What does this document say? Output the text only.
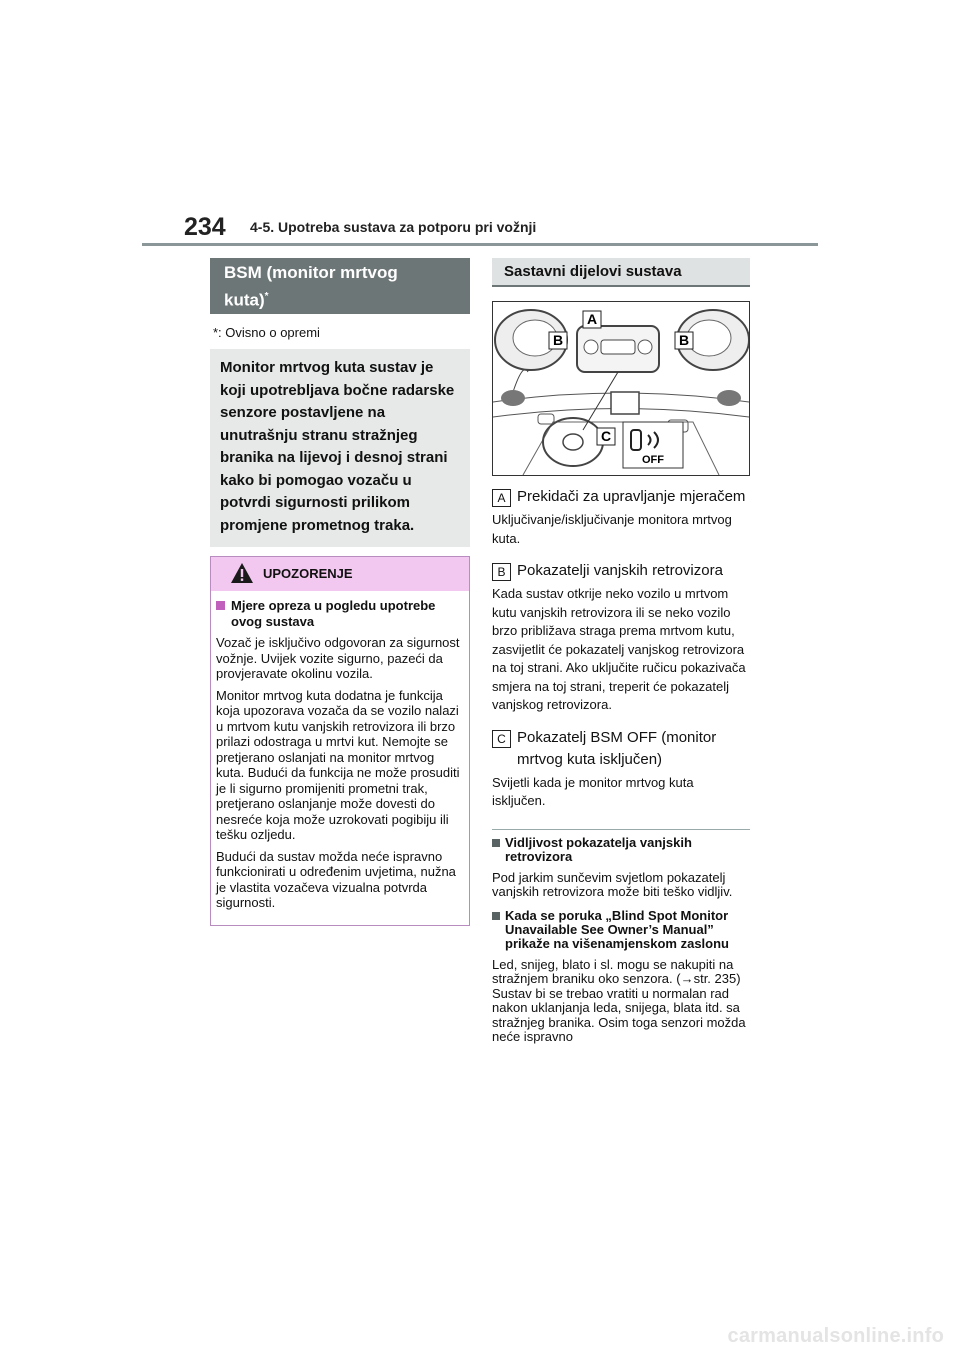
234 4-5. Upotreba sustava za potporu pri vožnji
BSM (monitor mrtvog
kuta)*
*: Ovisno o opremi
Monitor mrtvog kuta sustav je koji upotrebljava bočne radarske senzore postavljene na unutrašnju stranu stražnjeg branika na lijevoj i desnoj strani kako bi pomogao vozaču u potvrdi sigurnosti prilikom promjene prometnog traka.
UPOZORENJE
Mjere opreza u pogledu upotrebe ovog sustava

Vozač je isključivo odgovoran za sigurnost vožnje. Uvijek vozite sigurno, pazeći da provjeravate okolinu vozila.

Monitor mrtvog kuta dodatna je funkcija koja upozorava vozača da se vozilo nalazi u mrtvom kutu vanjskih retrovizora ili brzo prilazi odostraga u mrtvi kut. Nemojte se pretjerano oslanjati na monitor mrtvog kuta. Budući da funkcija ne može prosuditi je li sigurno promijeniti prometni trak, pretjerano oslanjanje može dovesti do nesreće koja može uzrokovati pogibiju ili tešku ozljedu.

Budući da sustav možda neće ispravno funkcionirati u određenim uvjetima, nužna je vlastita vozačeva vizualna potvrda sigurnosti.

Sastavni dijelovi sustava
A
B	B
C
OFF
A Prekidači za upravljanje mjeračem
Uključivanje/isključivanje monitora mrtvog kuta.
B Pokazatelji vanjskih retrovizora
Kada sustav otkrije neko vozilo u mrtvom kutu vanjskih retrovizora ili se neko vozilo brzo približava straga prema mrtvom kutu, zasvijetlit će pokazatelj vanjskog retrovizora na toj strani. Ako uključite ručicu pokazivača smjera na toj strani, treperit će pokazatelj vanjskog retrovizora.
C Pokazatelj BSM OFF (monitor mrtvog kuta isključen)
Svijetli kada je monitor mrtvog kuta isključen.
Vidljivost pokazatelja vanjskih retrovizora
Pod jarkim sunčevim svjetlom pokazatelj vanjskih retrovizora može biti teško vidljiv.
Kada se poruka „Blind Spot Monitor Unavailable See Owner’s Manual” prikaže na višenamjenskom zaslonu
Led, snijeg, blato i sl. mogu se nakupiti na stražnjem braniku oko senzora. (→str. 235) Sustav bi se trebao vratiti u normalan rad nakon uklanjanja leda, snijega, blata itd. sa stražnjeg branika. Osim toga senzori možda neće ispravno
carmanualsonline.info
